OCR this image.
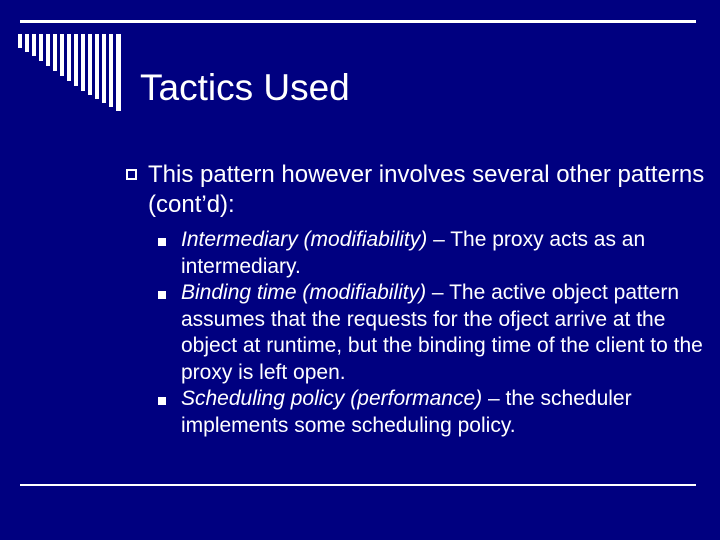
Tactics Used
This pattern however involves several other patterns (cont’d):
Intermediary (modifiability) – The proxy acts as an intermediary.
Binding time (modifiability) – The active object pattern assumes that the requests for the ofject arrive at the object at runtime, but the binding time of the client to the proxy is left open.
Scheduling policy (performance) – the scheduler implements some scheduling policy.
